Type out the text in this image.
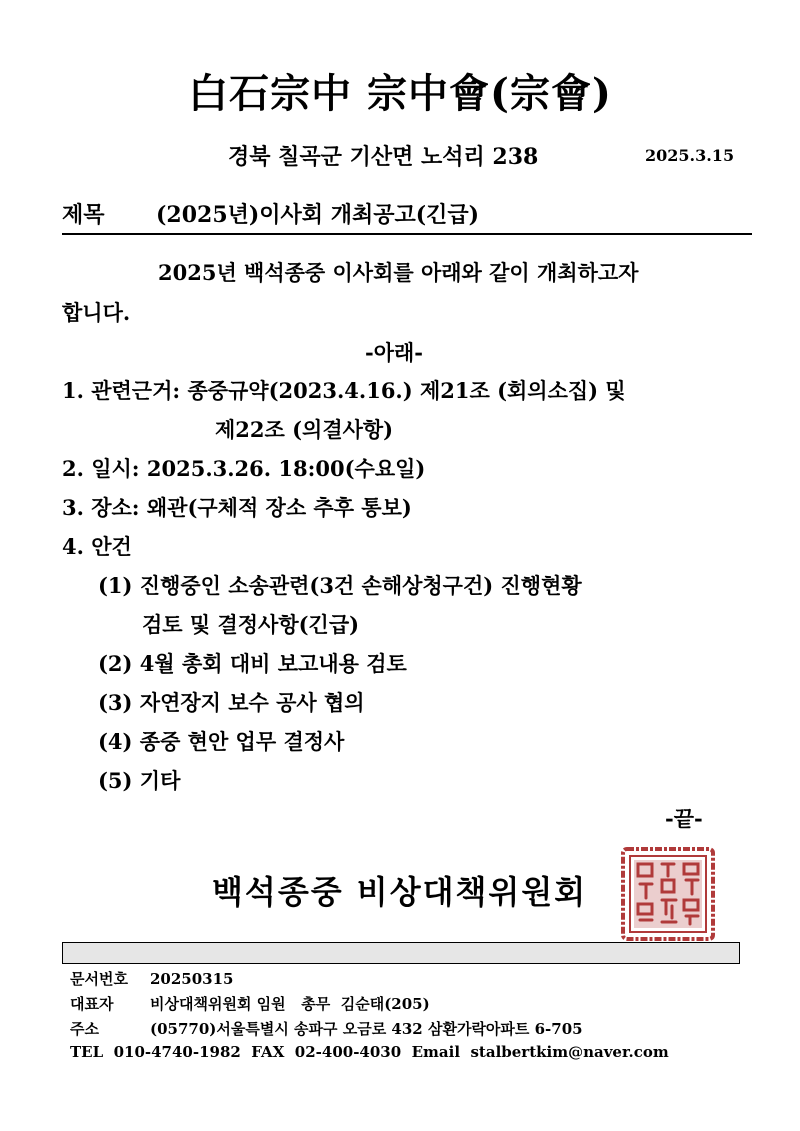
白石宗中 宗中會(宗會)
경북 칠곡군 기산면 노석리 238	2025.3.15
제목 (2025년)이사회 개최공고(긴급)
2025년 백석종중 이사회를 아래와 같이 개최하고자
합니다.
-아래-
1. 관련근거: 종중규약(2023.4.16.) 제21조 (회의소집) 및
제22조 (의결사항)
2. 일시: 2025.3.26. 18:00(수요일)
3. 장소: 왜관(구체적 장소 추후 통보)
4. 안건
(1) 진행중인 소송관련(3건 손해상청구건) 진행현황
검토 및 결정사항(긴급)
(2) 4월 총회 대비 보고내용 검토
(3) 자연장지 보수 공사 협의
(4) 종중 현안 업무 결정사
(5) 기타
-끝-
백석종중 비상대책위원회
문서번호 20250315
대표자 비상대책위원회 임원   총무  김순태(205)
주소	(05770)서울특별시 송파구 오금로 432 삼환가락아파트 6-705
TEL  010-4740-1982  FAX  02-400-4030  Email  stalbertkim@naver.com
